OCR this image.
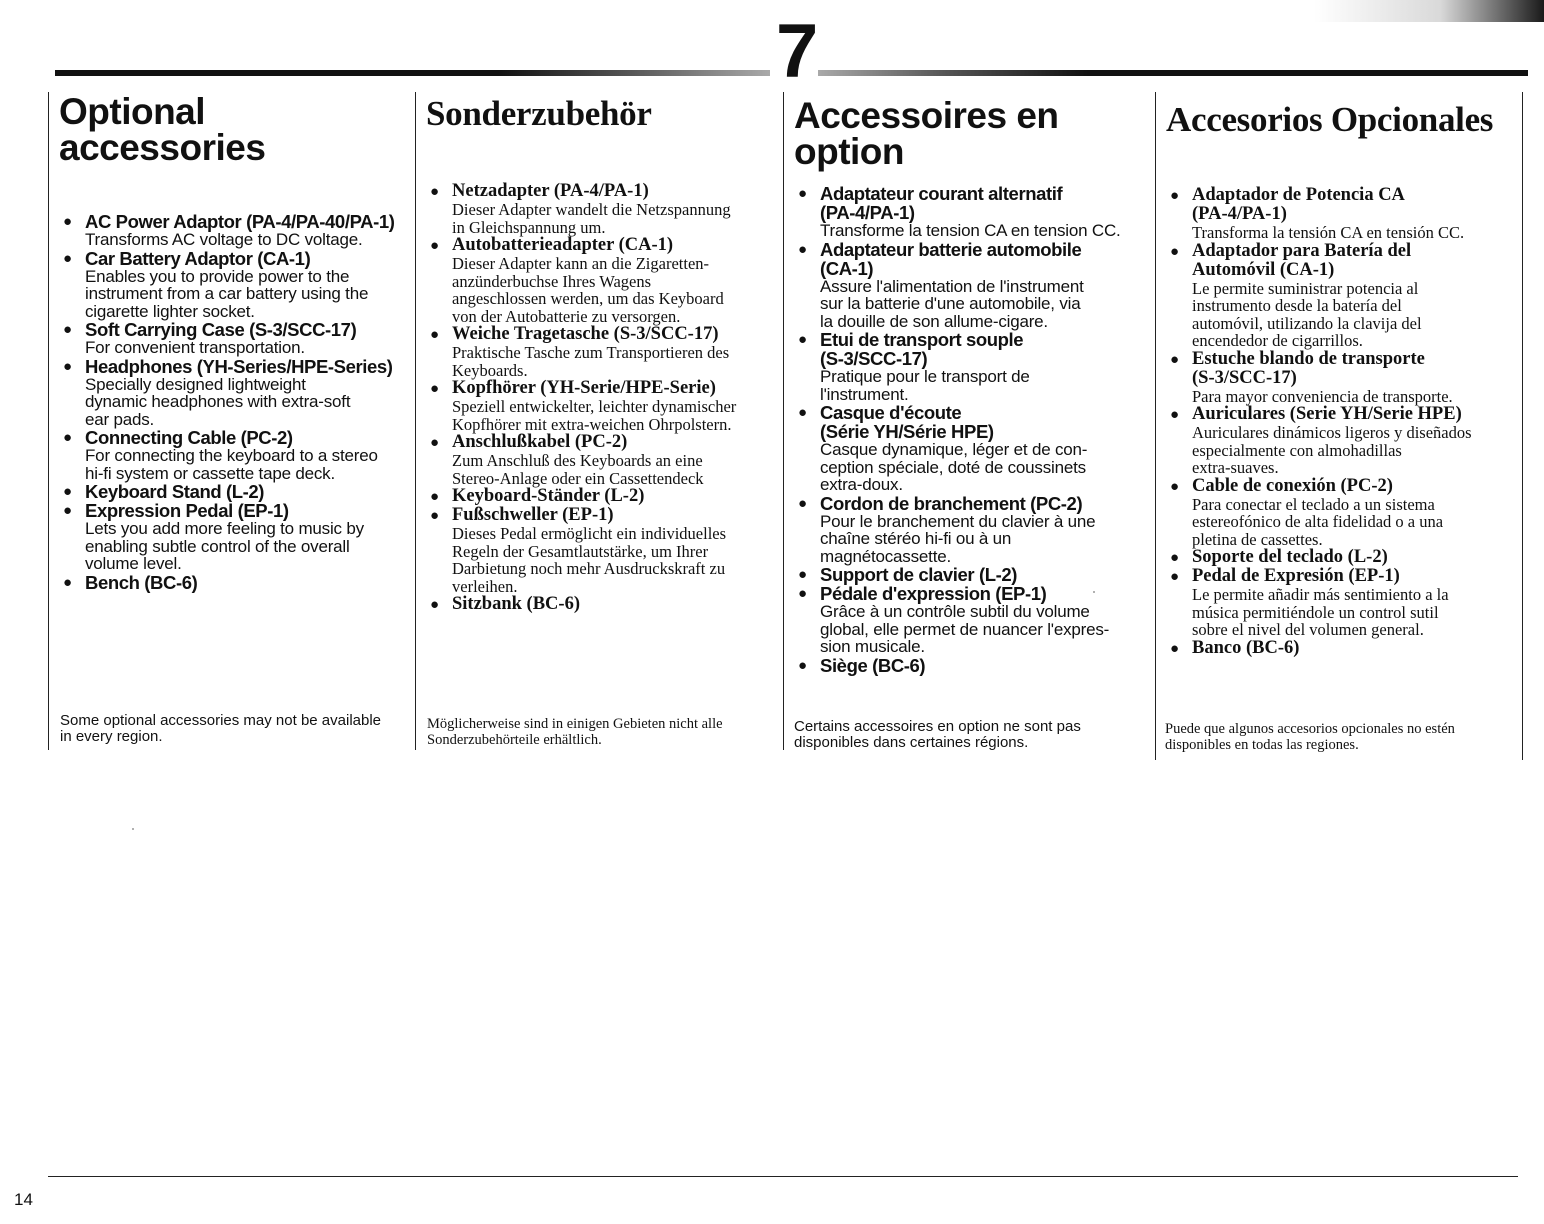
7
Optional accessories
● AC Power Adaptor (PA-4/PA-40/PA-1)
Transforms AC voltage to DC voltage.
● Car Battery Adaptor (CA-1)
Enables you to provide power to the
instrument from a car battery using the
cigarette lighter socket.
● Soft Carrying Case (S-3/SCC-17)
For convenient transportation.
● Headphones (YH-Series/HPE-Series)
Specially designed lightweight
dynamic headphones with extra-soft
ear pads.
● Connecting Cable (PC-2)
For connecting the keyboard to a stereo
hi-fi system or cassette tape deck.
● Keyboard Stand (L-2)
● Expression Pedal (EP-1)
Lets you add more feeling to music by
enabling subtle control of the overall
volume level.
● Bench (BC-6)
Some optional accessories may not be available
in every region.
Sonderzubehör
● Netzadapter (PA-4/PA-1)
Dieser Adapter wandelt die Netzspannung
in Gleichspannung um.
● Autobatterieadapter (CA-1)
Dieser Adapter kann an die Zigaretten-
anzünderbuchse Ihres Wagens
angeschlossen werden, um das Keyboard
von der Autobatterie zu versorgen.
● Weiche Tragetasche (S-3/SCC-17)
Praktische Tasche zum Transportieren des
Keyboards.
● Kopfhörer (YH-Serie/HPE-Serie)
Speziell entwickelter, leichter dynamischer
Kopfhörer mit extra-weichen Ohrpolstern.
● Anschlußkabel (PC-2)
Zum Anschluß des Keyboards an eine
Stereo-Anlage oder ein Cassettendeck
● Keyboard-Ständer (L-2)
● Fußschweller (EP-1)
Dieses Pedal ermöglicht ein individuelles
Regeln der Gesamtlautstärke, um Ihrer
Darbietung noch mehr Ausdruckskraft zu
verleihen.
● Sitzbank (BC-6)
Möglicherweise sind in einigen Gebieten nicht alle
Sonderzubehörteile erhältlich.
Accessoires en
option
● Adaptateur courant alternatif
(PA-4/PA-1)
Transforme la tension CA en tension CC.
● Adaptateur batterie automobile
(CA-1)
Assure l'alimentation de l'instrument
sur la batterie d'une automobile, via
la douille de son allume-cigare.
● Etui de transport souple
(S-3/SCC-17)
Pratique pour le transport de
l'instrument.
● Casque d'écoute
(Série YH/Série HPE)
Casque dynamique, léger et de con-
ception spéciale, doté de coussinets
extra-doux.
● Cordon de branchement (PC-2)
Pour le branchement du clavier à une
chaîne stéréo hi-fi ou à un
magnétocassette.
● Support de clavier (L-2)
● Pédale d'expression (EP-1)
Grâce à un contrôle subtil du volume
global, elle permet de nuancer l'expres-
sion musicale.
● Siège (BC-6)
Certains accessoires en option ne sont pas
disponibles dans certaines régions.
Accesorios Opcionales
● Adaptador de Potencia CA
(PA-4/PA-1)
Transforma la tensión CA en tensión CC.
● Adaptador para Batería del
Automóvil (CA-1)
Le permite suministrar potencia al
instrumento desde la batería del
automóvil, utilizando la clavija del
encendedor de cigarrillos.
● Estuche blando de transporte
(S-3/SCC-17)
Para mayor conveniencia de transporte.
● Auriculares (Serie YH/Serie HPE)
Auriculares dinámicos ligeros y diseñados
especialmente con almohadillas
extra-suaves.
● Cable de conexión (PC-2)
Para conectar el teclado a un sistema
estereofónico de alta fidelidad o a una
pletina de cassettes.
● Soporte del teclado (L-2)
● Pedal de Expresión (EP-1)
Le permite añadir más sentimiento a la
música permitiéndole un control sutil
sobre el nivel del volumen general.
● Banco (BC-6)
Puede que algunos accesorios opcionales no estén
disponibles en todas las regiones.
14
